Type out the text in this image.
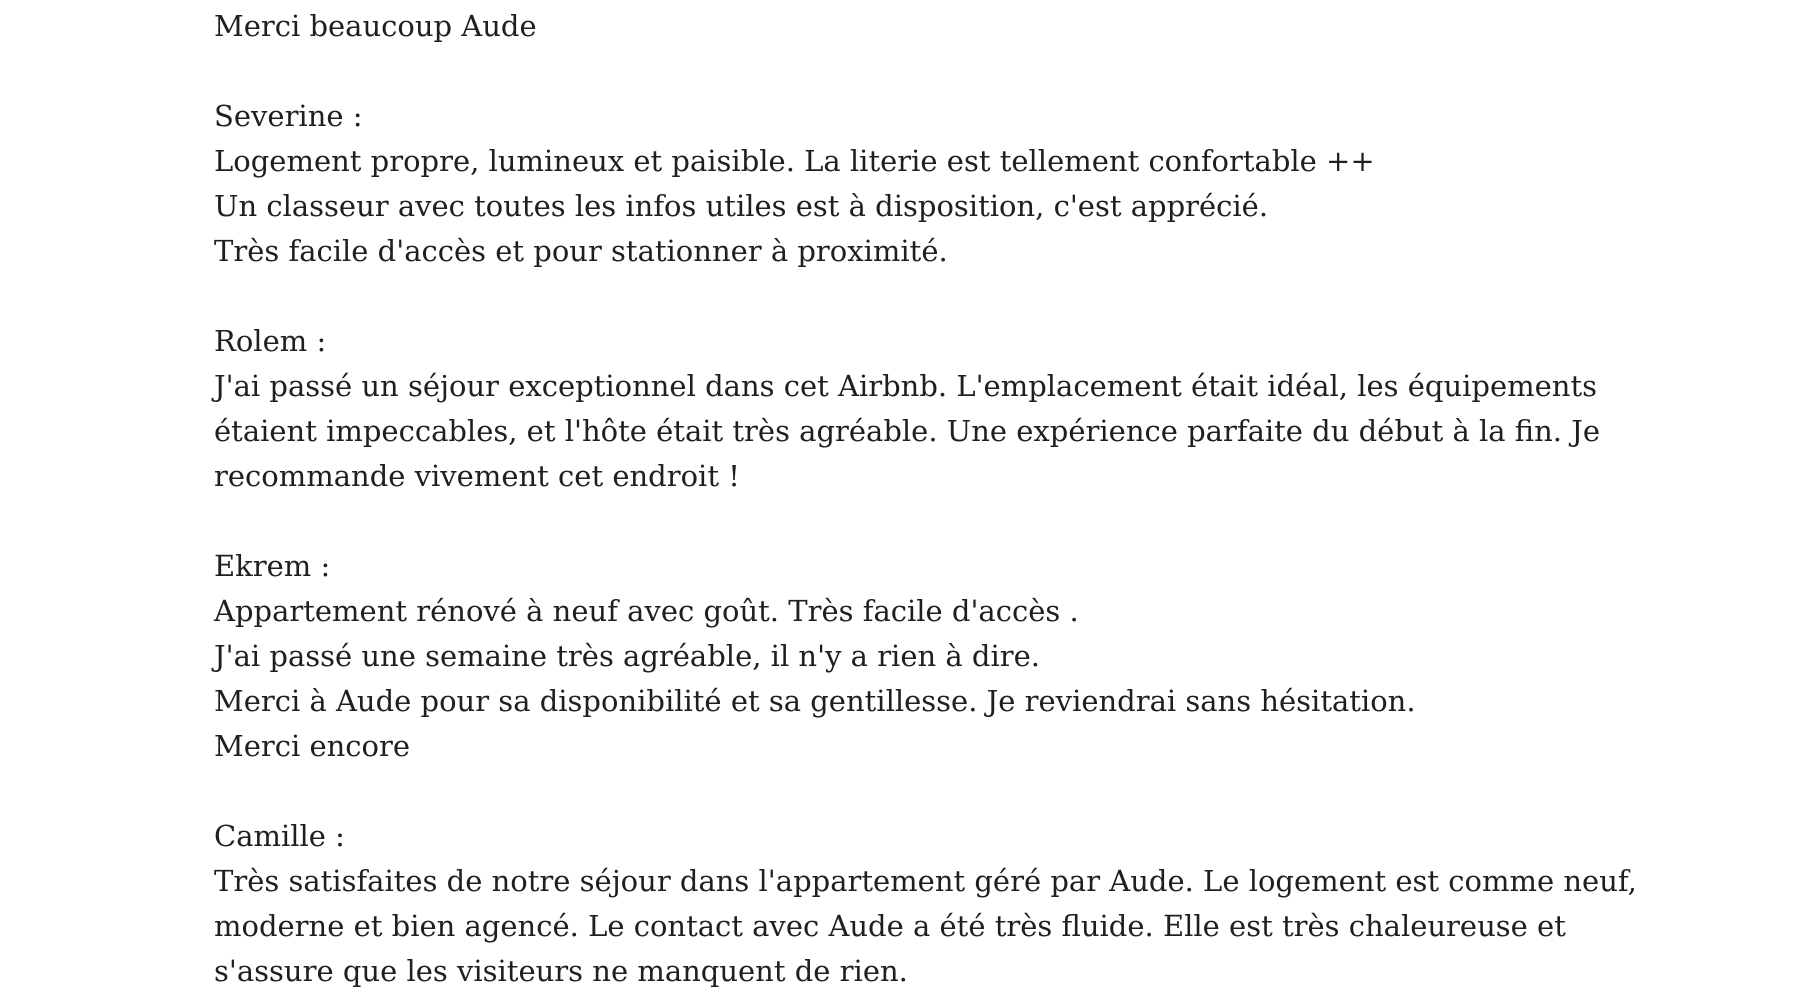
Merci beaucoup Aude
Severine :
Logement propre, lumineux et paisible. La literie est tellement confortable ++
Un classeur avec toutes les infos utiles est à disposition, c'est apprécié.
Très facile d'accès et pour stationner à proximité.
Rolem :
J'ai passé un séjour exceptionnel dans cet Airbnb. L'emplacement était idéal, les équipements
étaient impeccables, et l'hôte était très agréable. Une expérience parfaite du début à la fin. Je
recommande vivement cet endroit !
Ekrem :
Appartement rénové à neuf avec goût. Très facile d'accès .
J'ai passé une semaine très agréable, il n'y a rien à dire.
Merci à Aude pour sa disponibilité et sa gentillesse. Je reviendrai sans hésitation.
Merci encore
Camille :
Très satisfaites de notre séjour dans l'appartement géré par Aude. Le logement est comme neuf,
moderne et bien agencé. Le contact avec Aude a été très fluide. Elle est très chaleureuse et
s'assure que les visiteurs ne manquent de rien.
